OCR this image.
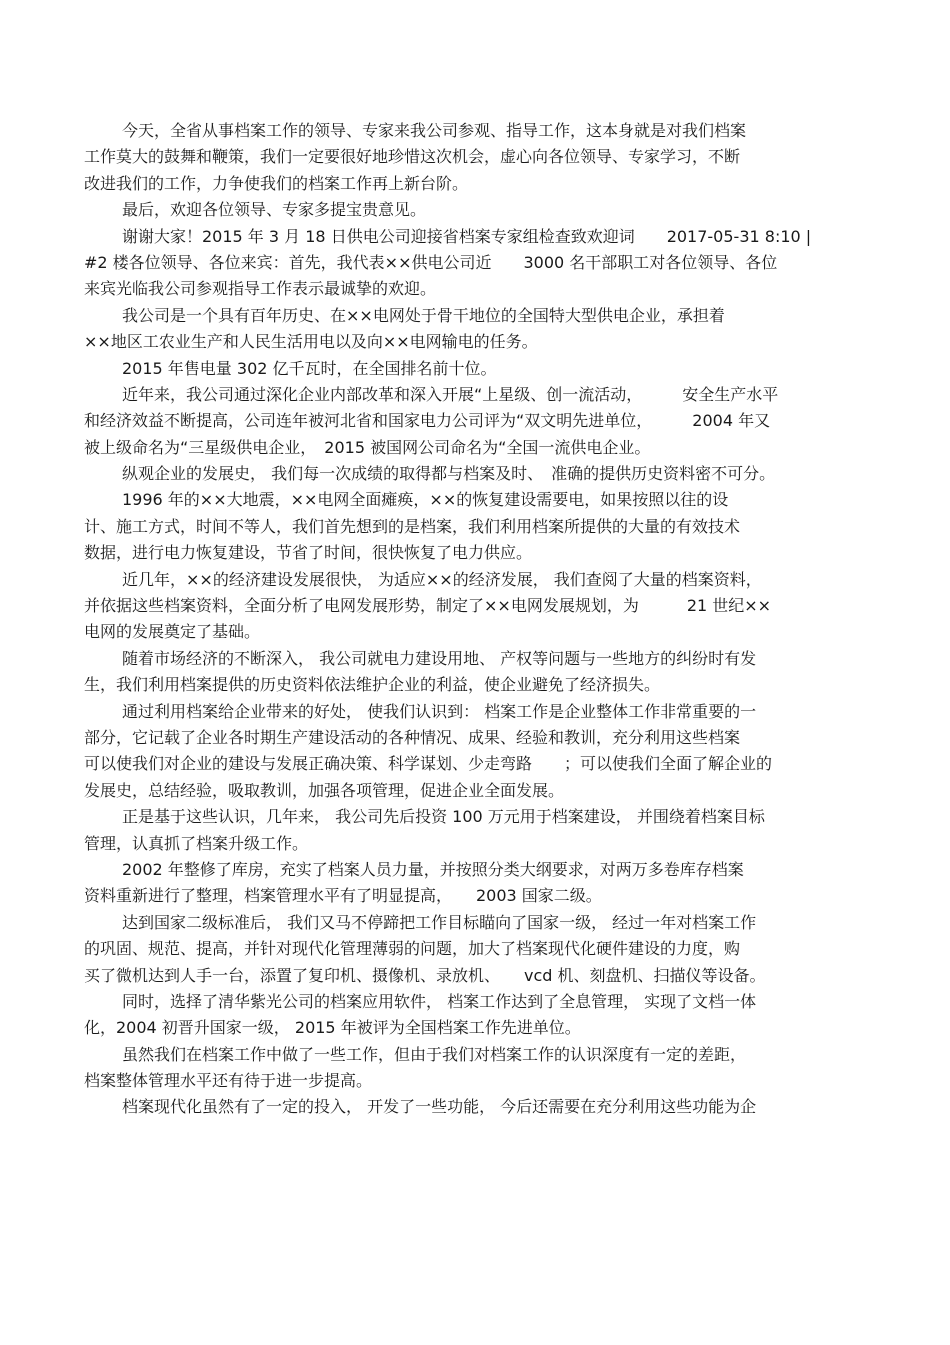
今天，全省从事档案工作的领导、专家来我公司参观、指导工作，这本身就是对我们档案
工作莫大的鼓舞和鞭策，我们一定要很好地珍惜这次机会，虚心向各位领导、专家学习，不断
改进我们的工作，力争使我们的档案工作再上新台阶。
最后，欢迎各位领导、专家多提宝贵意见。
谢谢大家！2015 年 3 月 18 日供电公司迎接省档案专家组检查致欢迎词　　2017-05-31 8:10 |
#2 楼各位领导、各位来宾：首先，我代表××供电公司近　　3000 名干部职工对各位领导、各位
来宾光临我公司参观指导工作表示最诚挚的欢迎。
我公司是一个具有百年历史、在××电网处于骨干地位的全国特大型供电企业，承担着
××地区工农业生产和人民生活用电以及向××电网输电的任务。
2015 年售电量 302 亿千瓦时，在全国排名前十位。
近年来，我公司通过深化企业内部改革和深入开展“上星级、创一流活动，　　　安全生产水平
和经济效益不断提高，公司连年被河北省和国家电力公司评为“双文明先进单位，　　　2004 年又
被上级命名为“三星级供电企业，　2015 被国网公司命名为“全国一流供电企业。
纵观企业的发展史， 我们每一次成绩的取得都与档案及时、　准确的提供历史资料密不可分。
1996 年的××大地震，××电网全面瘫痪，××的恢复建设需要电，如果按照以往的设
计、施工方式，时间不等人，我们首先想到的是档案，我们利用档案所提供的大量的有效技术
数据，进行电力恢复建设，节省了时间，很快恢复了电力供应。
近几年，××的经济建设发展很快， 为适应××的经济发展， 我们查阅了大量的档案资料，
并依据这些档案资料，全面分析了电网发展形势，制定了××电网发展规划，为　　　21 世纪××
电网的发展奠定了基础。
随着市场经济的不断深入， 我公司就电力建设用地、 产权等问题与一些地方的纠纷时有发
生，我们利用档案提供的历史资料依法维护企业的利益，使企业避免了经济损失。
通过利用档案给企业带来的好处， 使我们认识到： 档案工作是企业整体工作非常重要的一
部分，它记载了企业各时期生产建设活动的各种情况、成果、经验和教训，充分利用这些档案
可以使我们对企业的建设与发展正确决策、科学谋划、少走弯路　　；可以使我们全面了解企业的
发展史，总结经验，吸取教训，加强各项管理，促进企业全面发展。
正是基于这些认识，几年来， 我公司先后投资 100 万元用于档案建设， 并围绕着档案目标
管理，认真抓了档案升级工作。
2002 年整修了库房，充实了档案人员力量，并按照分类大纲要求，对两万多卷库存档案
资料重新进行了整理，档案管理水平有了明显提高，　　2003 国家二级。
达到国家二级标准后， 我们又马不停蹄把工作目标瞄向了国家一级， 经过一年对档案工作
的巩固、规范、提高，并针对现代化管理薄弱的问题，加大了档案现代化硬件建设的力度，购
买了微机达到人手一台，添置了复印机、摄像机、录放机、　　vcd 机、刻盘机、扫描仪等设备。
同时，选择了清华紫光公司的档案应用软件， 档案工作达到了全息管理， 实现了文档一体
化，2004 初晋升国家一级， 2015 年被评为全国档案工作先进单位。
虽然我们在档案工作中做了一些工作，但由于我们对档案工作的认识深度有一定的差距，
档案整体管理水平还有待于进一步提高。
档案现代化虽然有了一定的投入， 开发了一些功能， 今后还需要在充分利用这些功能为企
